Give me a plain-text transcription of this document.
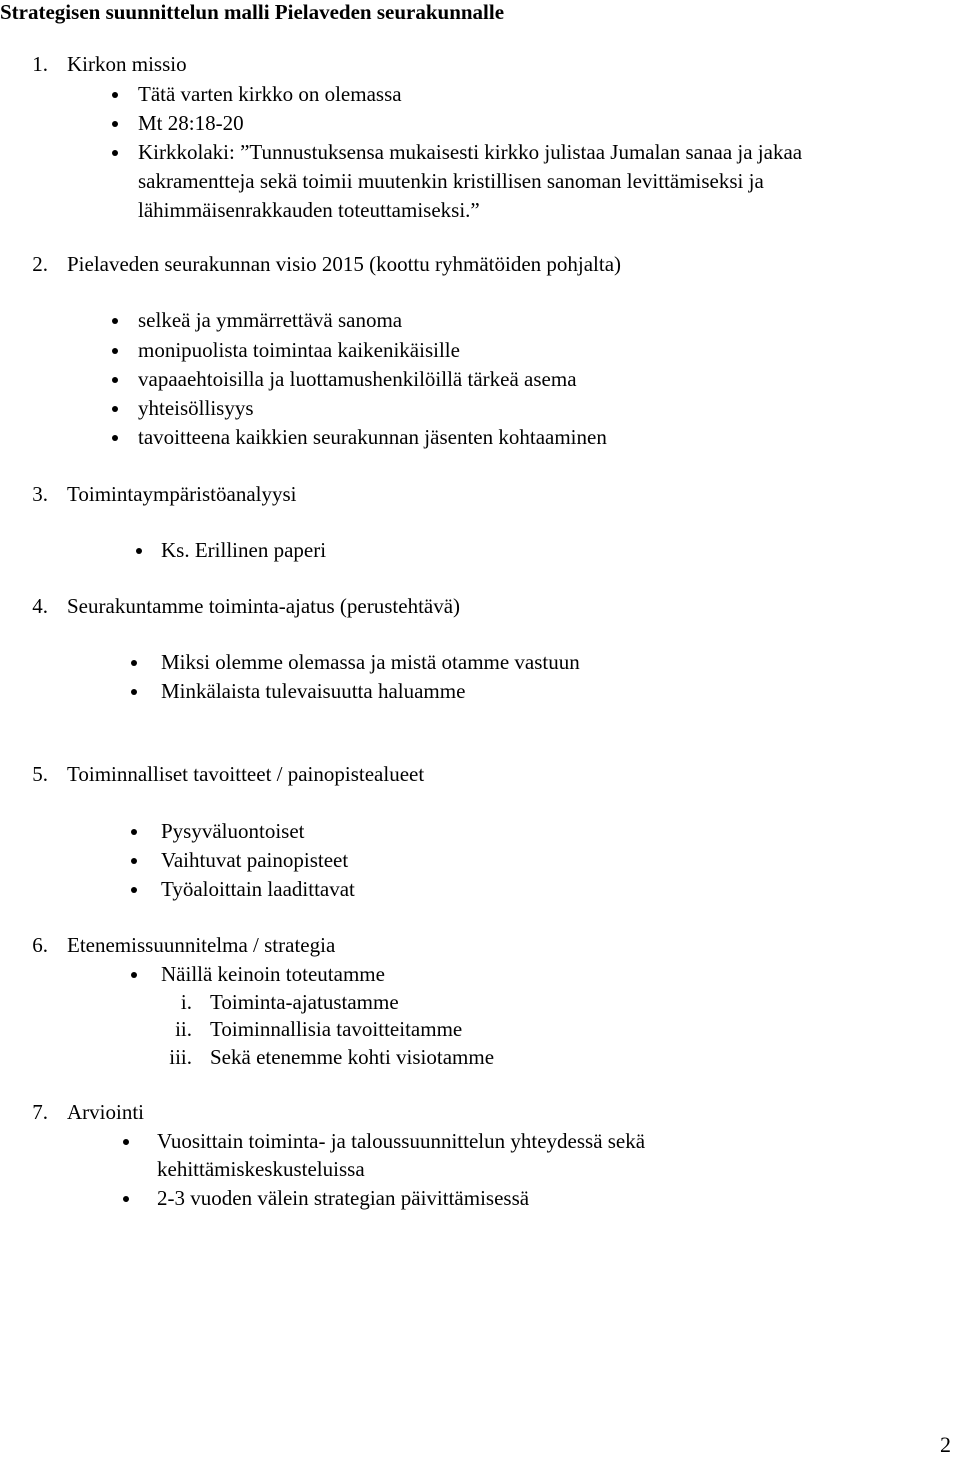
Strategisen suunnittelun malli Pielaveden seurakunnalle
1. Kirkon missio
Tätä varten kirkko on olemassa
Mt 28:18-20
Kirkkolaki: ”Tunnustuksensa mukaisesti kirkko julistaa Jumalan sanaa ja jakaa
sakramentteja sekä toimii muutenkin kristillisen sanoman levittämiseksi ja
lähimmäisenrakkauden toteuttamiseksi.”
2. Pielaveden seurakunnan visio 2015 (koottu ryhmätöiden pohjalta)
selkeä ja ymmärrettävä sanoma
monipuolista toimintaa kaikenikäisille
vapaaehtoisilla ja luottamushenkilöillä tärkeä asema
yhteisöllisyys
tavoitteena kaikkien seurakunnan jäsenten kohtaaminen
3. Toimintaympäristöanalyysi
Ks. Erillinen paperi
4. Seurakuntamme toiminta-ajatus (perustehtävä)
Miksi olemme olemassa ja mistä otamme vastuun
Minkälaista tulevaisuutta haluamme
5. Toiminnalliset tavoitteet / painopistealueet
Pysyväluontoiset
Vaihtuvat painopisteet
Työaloittain laadittavat
6. Etenemissuunnitelma / strategia
Näillä keinoin toteutamme
i. Toiminta-ajatustamme
ii. Toiminnallisia tavoitteitamme
iii. Sekä etenemme kohti visiotamme
7. Arviointi
Vuosittain toiminta- ja taloussuunnittelun yhteydessä sekä
kehittämiskeskusteluissa
2-3 vuoden välein strategian päivittämisessä
2
